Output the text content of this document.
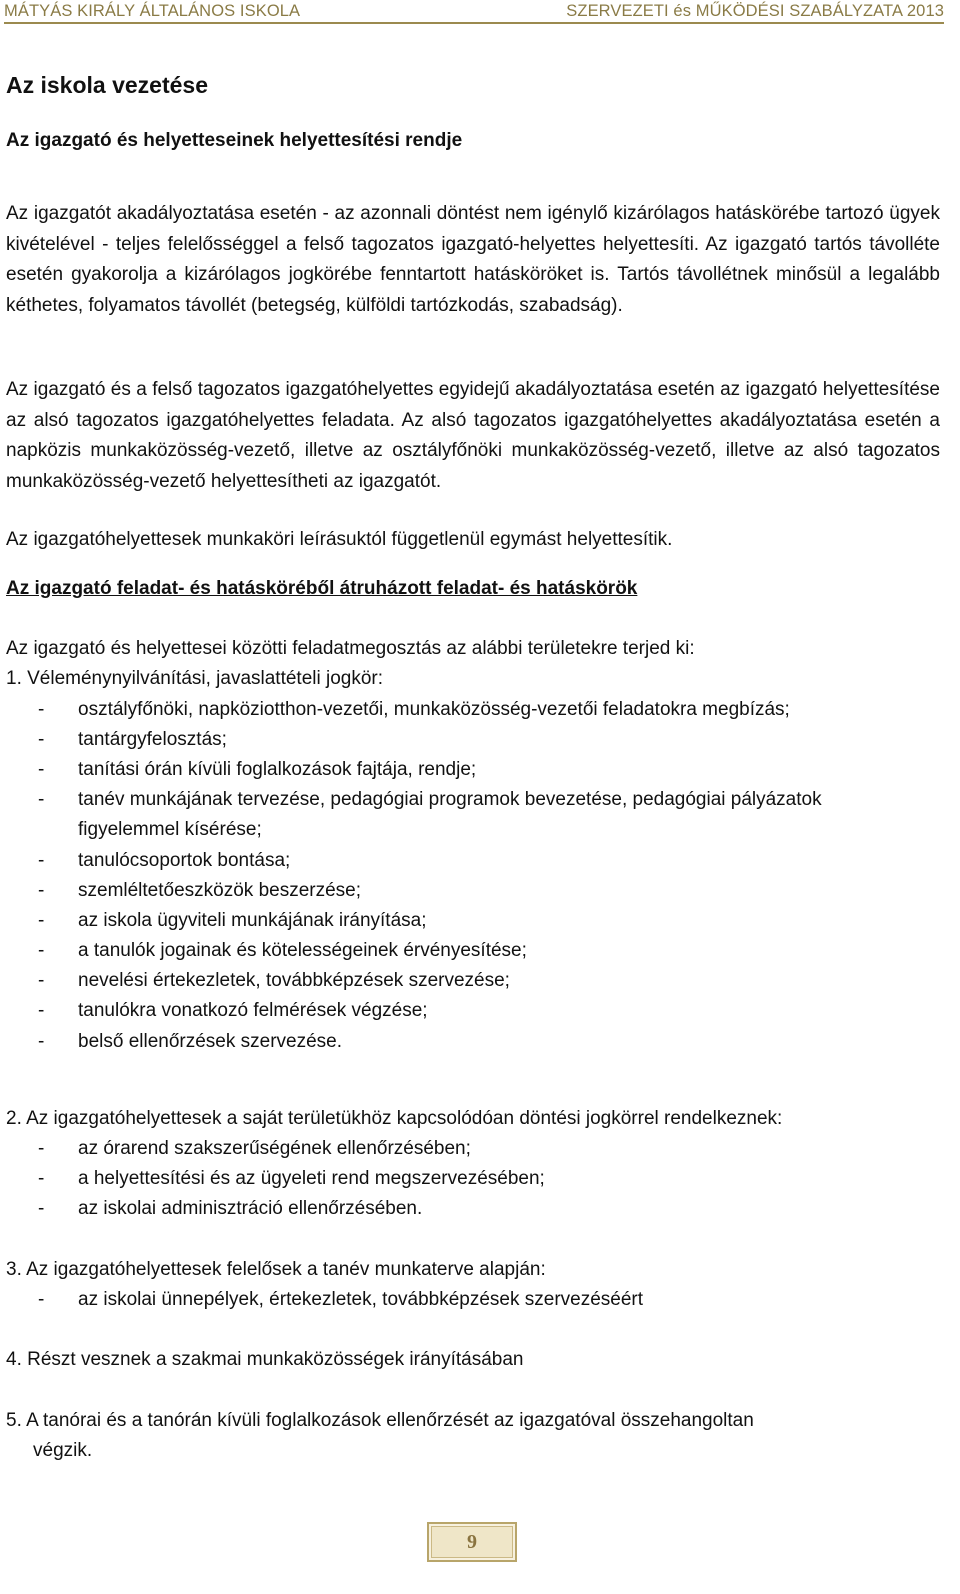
MÁTYÁS KIRÁLY ÁLTALÁNOS ISKOLA	SZERVEZETI és MŰKÖDÉSI SZABÁLYZATA 2013
Az iskola vezetése
Az igazgató és helyetteseinek helyettesítési rendje
Az igazgatót akadályoztatása esetén - az azonnali döntést nem igénylő kizárólagos hatáskörébe tartozó ügyek kivételével - teljes felelősséggel a felső tagozatos igazgató-helyettes helyettesíti. Az igazgató tartós távolléte esetén gyakorolja a kizárólagos jogkörébe fenntartott hatásköröket is. Tartós távollétnek minősül a legalább kéthetes, folyamatos távollét (betegség, külföldi tartózkodás, szabadság).
Az igazgató és a felső tagozatos igazgatóhelyettes egyidejű akadályoztatása esetén az igazgató helyettesítése az alsó tagozatos igazgatóhelyettes feladata. Az alsó tagozatos igazgatóhelyettes akadályoztatása esetén a napközis munkaközösség-vezető, illetve az osztályfőnöki munkaközösség-vezető, illetve az alsó tagozatos munkaközösség-vezető helyettesítheti az igazgatót.
Az igazgatóhelyettesek munkaköri leírásuktól függetlenül egymást helyettesítik.
Az igazgató feladat- és hatásköréből átruházott feladat- és hatáskörök
Az igazgató és helyettesei közötti feladatmegosztás az alábbi területekre terjed ki:
1. Véleménynyilvánítási, javaslattételi jogkör:
- osztályfőnöki, napköziotthon-vezetői, munkaközösség-vezetői feladatokra megbízás;
- tantárgyfelosztás;
- tanítási órán kívüli foglalkozások fajtája, rendje;
- tanév munkájának tervezése, pedagógiai programok bevezetése, pedagógiai pályázatok figyelemmel kísérése;
- tanulócsoportok bontása;
- szemléltetőeszközök beszerzése;
- az iskola ügyviteli munkájának irányítása;
- a tanulók jogainak és kötelességeinek érvényesítése;
- nevelési értekezletek, továbbképzések szervezése;
- tanulókra vonatkozó felmérések végzése;
- belső ellenőrzések szervezése.
2. Az igazgatóhelyettesek a saját területükhöz kapcsolódóan döntési jogkörrel rendelkeznek:
- az órarend szakszerűségének ellenőrzésében;
- a helyettesítési és az ügyeleti rend megszervezésében;
- az iskolai adminisztráció ellenőrzésében.
3. Az igazgatóhelyettesek felelősek a tanév munkaterve alapján:
- az iskolai ünnepélyek, értekezletek, továbbképzések szervezéséért
4. Részt vesznek a szakmai munkaközösségek irányításában
5. A tanórai és a tanórán kívüli foglalkozások ellenőrzését az igazgatóval összehangoltan
végzik.
9
